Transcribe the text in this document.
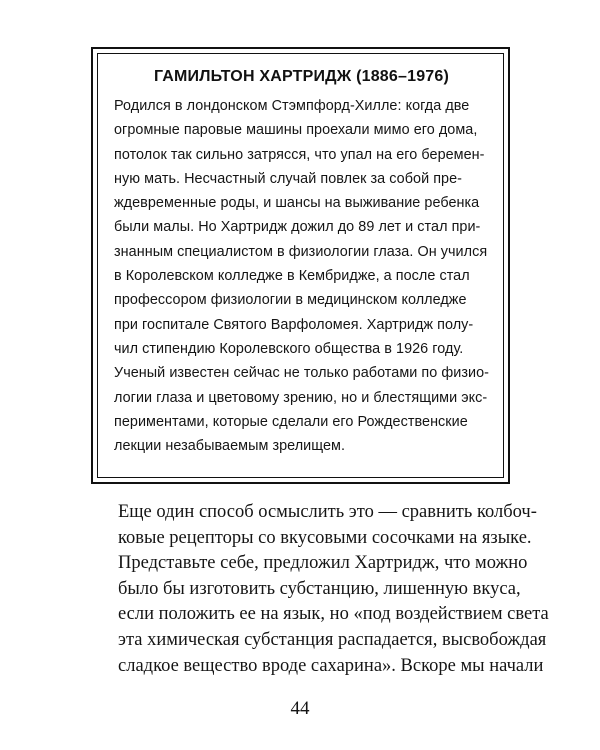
ГАМИЛЬТОН ХАРТРИДЖ (1886–1976)
Родился в лондонском Стэмпфорд-Хилле: когда две
огромные паровые машины проехали мимо его дома,
потолок так сильно затрясся, что упал на его беремен-
ную мать. Несчастный случай повлек за собой пре-
ждевременные роды, и шансы на выживание ребенка
были малы. Но Хартридж дожил до 89 лет и стал при-
знанным специалистом в физиологии глаза. Он учился
в Королевском колледже в Кембридже, а после стал
профессором физиологии в медицинском колледже
при госпитале Святого Варфоломея. Хартридж полу-
чил стипендию Королевского общества в 1926 году.
Ученый известен сейчас не только работами по физио-
логии глаза и цветовому зрению, но и блестящими экс-
периментами, которые сделали его Рождественские
лекции незабываемым зрелищем.
Еще один способ осмыслить это — сравнить колбоч-
ковые рецепторы со вкусовыми сосочками на языке.
Представьте себе, предложил Хартридж, что можно
было бы изготовить субстанцию, лишенную вкуса,
если положить ее на язык, но «под воздействием света
эта химическая субстанция распадается, высвобождая
сладкое вещество вроде сахарина». Вскоре мы начали
44
